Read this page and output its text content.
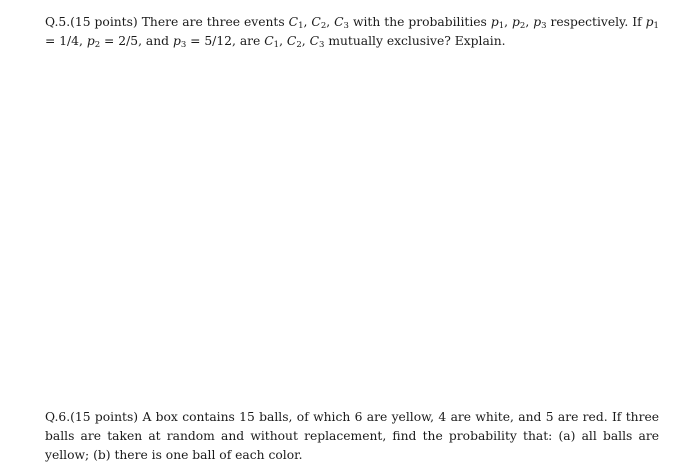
Q.5.(15 points) There are three events $C_1$, $C_2$, $C_3$ with the probabilities $p_1$, $p_2$, $p_3$ respectively. If $p_1 = 1/4$, $p_2 = 2/5$, and $p_3 = 5/12$, are $C_1$, $C_2$, $C_3$ mutually exclusive? Explain.

Q.6.(15 points) A box contains 15 balls, of which 6 are yellow, 4 are white, and 5 are red. If three balls are taken at random and without replacement, find the probability that: (a) all balls are yellow; (b) there is one ball of each color.
